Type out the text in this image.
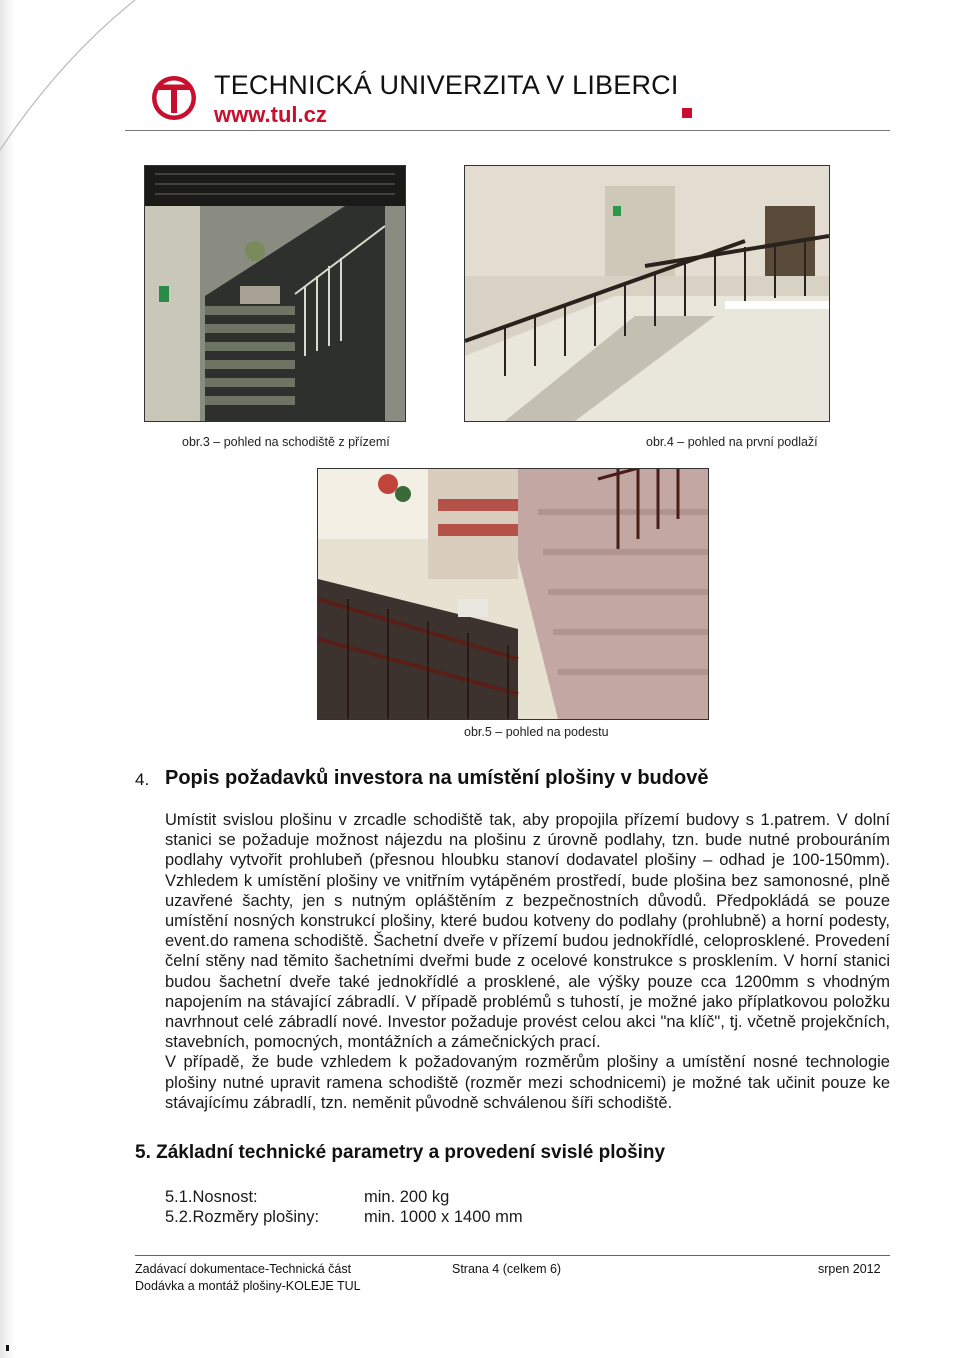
TECHNICKÁ UNIVERZITA V LIBERCI
www.tul.cz
obr.3 – pohled na schodiště z přízemí	obr.4 – pohled na první podlaží
obr.5 – pohled na podestu
4. Popis požadavků investora na umístění plošiny v budově

Umístit svislou plošinu v zrcadle schodiště tak, aby propojila přízemí budovy s 1.patrem. V dolní stanici se požaduje možnost nájezdu na plošinu z úrovně podlahy, tzn. bude nutné probouráním podlahy vytvořit prohlubeň (přesnou hloubku stanoví dodavatel plošiny – odhad je 100-150mm). Vzhledem k umístění plošiny ve vnitřním vytápěném prostředí, bude plošina bez samonosné, plně uzavřené šachty, jen s nutným opláštěním z bezpečnostních důvodů. Předpokládá se pouze umístění nosných konstrukcí plošiny, které budou kotveny do podlahy (prohlubně) a horní podesty, event.do ramena schodiště. Šachetní dveře v přízemí budou jednokřídlé, celoprosklené. Provedení čelní stěny nad těmito šachetními dveřmi bude z ocelové konstrukce s prosklením. V horní stanici budou šachetní dveře také jednokřídlé a prosklené, ale výšky pouze cca 1200mm s vhodným napojením na stávající zábradlí. V případě problémů s tuhostí, je možné jako příplatkovou položku navrhnout celé zábradlí nové. Investor požaduje provést celou akci "na klíč", tj. včetně projekčních, stavebních, pomocných, montážních a zámečnických prací.

V případě, že bude vzhledem k požadovaným rozměrům plošiny a umístění nosné technologie plošiny nutné upravit ramena schodiště (rozměr mezi schodnicemi) je možné tak učinit pouze ke stávajícímu zábradlí, tzn. neměnit původně schválenou šíři schodiště.

5. Základní technické parametry a provedení svislé plošiny
5.1.Nosnost:	min. 200 kg
5.2.Rozměry plošiny:	min. 1000 x 1400 mm
Zadávací dokumentace-Technická část
Dodávka a montáž plošiny-KOLEJE TUL
Strana 4 (celkem 6)	srpen 2012
